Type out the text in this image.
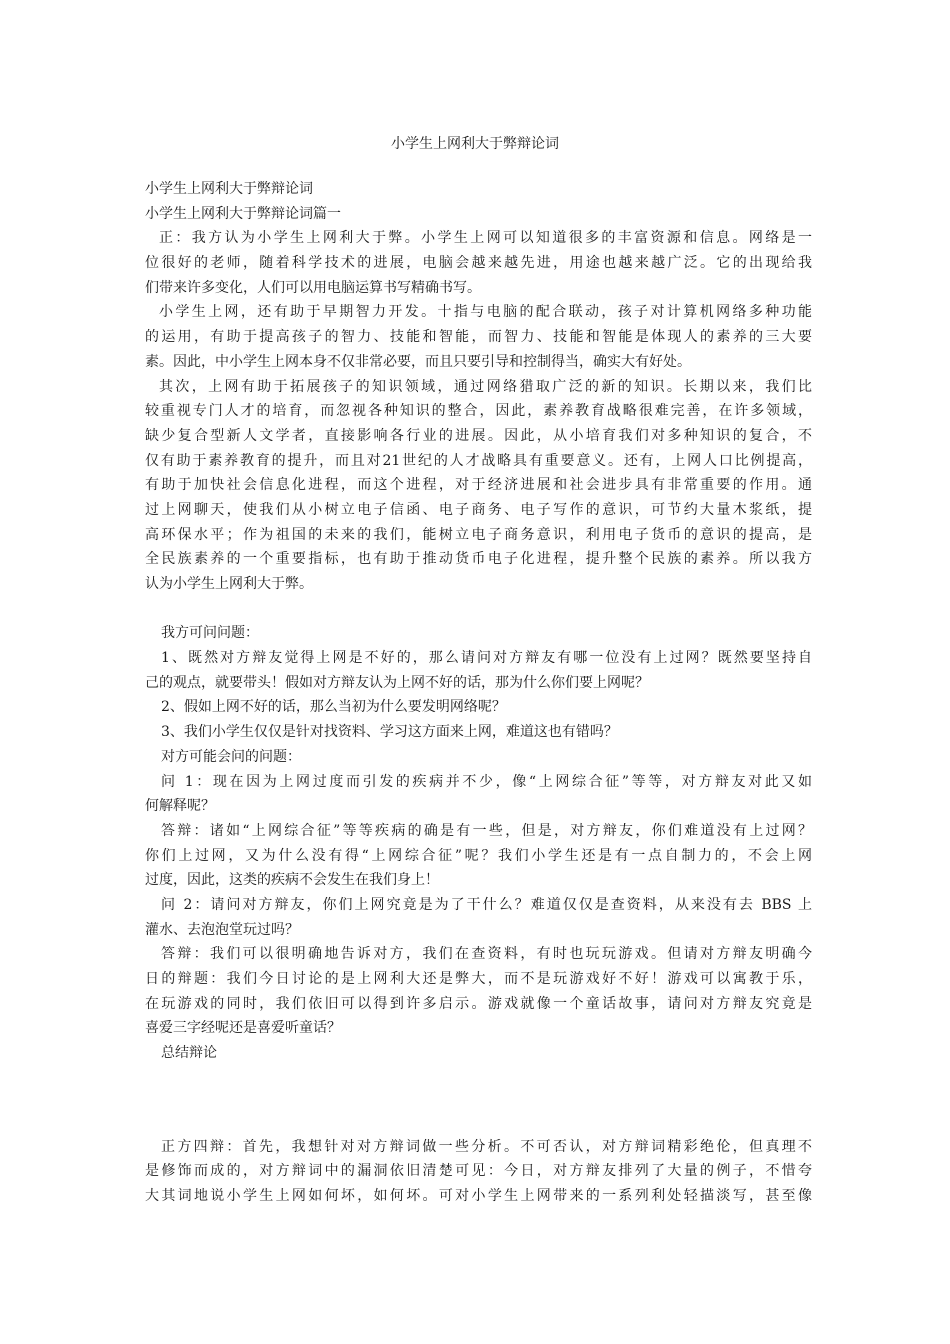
小学生上网利大于弊辩论词
小学生上网利大于弊辩论词
小学生上网利大于弊辩论词篇一
正：我方认为小学生上网利大于弊。小学生上网可以知道很多的丰富资源和信息。网络是一
位很好的老师，随着科学技术的进展，电脑会越来越先进，用途也越来越广泛。它的出现给我
们带来许多变化，人们可以用电脑运算书写精确书写。
小学生上网，还有助于早期智力开发。十指与电脑的配合联动，孩子对计算机网络多种功能
的运用，有助于提高孩子的智力、技能和智能，而智力、技能和智能是体现人的素养的三大要
素。因此，中小学生上网本身不仅非常必要，而且只要引导和控制得当，确实大有好处。
其次，上网有助于拓展孩子的知识领域，通过网络猎取广泛的新的知识。长期以来，我们比
较重视专门人才的培育，而忽视各种知识的整合，因此，素养教育战略很难完善，在许多领域，
缺少复合型新人文学者，直接影响各行业的进展。因此，从小培育我们对多种知识的复合，不
仅有助于素养教育的提升，而且对21世纪的人才战略具有重要意义。还有，上网人口比例提高，
有助于加快社会信息化进程，而这个进程，对于经济进展和社会进步具有非常重要的作用。通
过上网聊天，使我们从小树立电子信函、电子商务、电子写作的意识，可节约大量木浆纸，提
高环保水平；作为祖国的未来的我们，能树立电子商务意识，利用电子货币的意识的提高，是
全民族素养的一个重要指标，也有助于推动货币电子化进程，提升整个民族的素养。所以我方
认为小学生上网利大于弊。
我方可问问题：
1、既然对方辩友觉得上网是不好的，那么请问对方辩友有哪一位没有上过网？既然要坚持自
己的观点，就要带头！假如对方辩友认为上网不好的话，那为什么你们要上网呢？
2、假如上网不好的话，那么当初为什么要发明网络呢？
3、我们小学生仅仅是针对找资料、学习这方面来上网，难道这也有错吗？
对方可能会问的问题：
问 1：现在因为上网过度而引发的疾病并不少，像“上网综合征”等等，对方辩友对此又如
何解释呢？
答辩：诸如“上网综合征”等等疾病的确是有一些，但是，对方辩友，你们难道没有上过网？
你们上过网，又为什么没有得“上网综合征”呢？我们小学生还是有一点自制力的，不会上网
过度，因此，这类的疾病不会发生在我们身上！
问 2：请问对方辩友，你们上网究竟是为了干什么？难道仅仅是查资料，从来没有去 BBS 上
灌水、去泡泡堂玩过吗？
答辩：我们可以很明确地告诉对方，我们在查资料，有时也玩玩游戏。但请对方辩友明确今
日的辩题：我们今日讨论的是上网利大还是弊大，而不是玩游戏好不好！游戏可以寓教于乐，
在玩游戏的同时，我们依旧可以得到许多启示。游戏就像一个童话故事，请问对方辩友究竟是
喜爱三字经呢还是喜爱听童话？
总结辩论
正方四辩：首先，我想针对对方辩词做一些分析。不可否认，对方辩词精彩绝伦，但真理不
是修饰而成的，对方辩词中的漏洞依旧清楚可见：今日，对方辩友排列了大量的例子，不惜夸
大其词地说小学生上网如何坏，如何坏。可对小学生上网带来的一系列利处轻描淡写，甚至像
